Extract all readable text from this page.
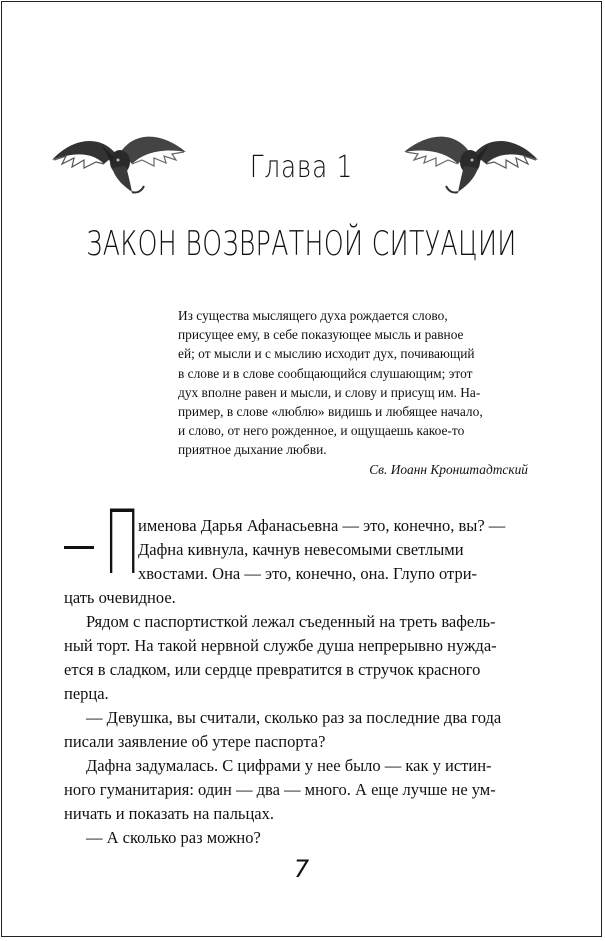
Глава 1
ЗАКОН ВОЗВРАТНОЙ СИТУАЦИИ

Из существа мыслящего духа рождается слово,

присущее ему, в себе показующее мысль и равное

ей; от мысли и с мыслию исходит дух, почивающий

в слове и в слове сообщающийся слушающим; этот

дух вполне равен и мысли, и слову и присущ им. На-

пример, в слове «люблю» видишь и любящее начало,

и слово, от него рожденное, и ощущаешь какое-то

приятное дыхание любви.

Св. Иоанн Кронштадтский
П
именова Дарья Афанасьевна — это, конечно, вы? —
Дафна кивнула, качнув невесомыми светлыми
хвостами. Она — это, конечно, она. Глупо отри-
цать очевидное.
Рядом с паспортисткой лежал съеденный на треть вафель-
ный торт. На такой нервной службе душа непрерывно нужда-
ется в сладком, или сердце превратится в стручок красного
перца.
— Девушка, вы считали, сколько раз за последние два года
писали заявление об утере паспорта?
Дафна задумалась. С цифрами у нее было — как у истин-
ного гуманитария: один — два — много. А еще лучше не ум-
ничать и показать на пальцах.
— А сколько раз можно?
7
